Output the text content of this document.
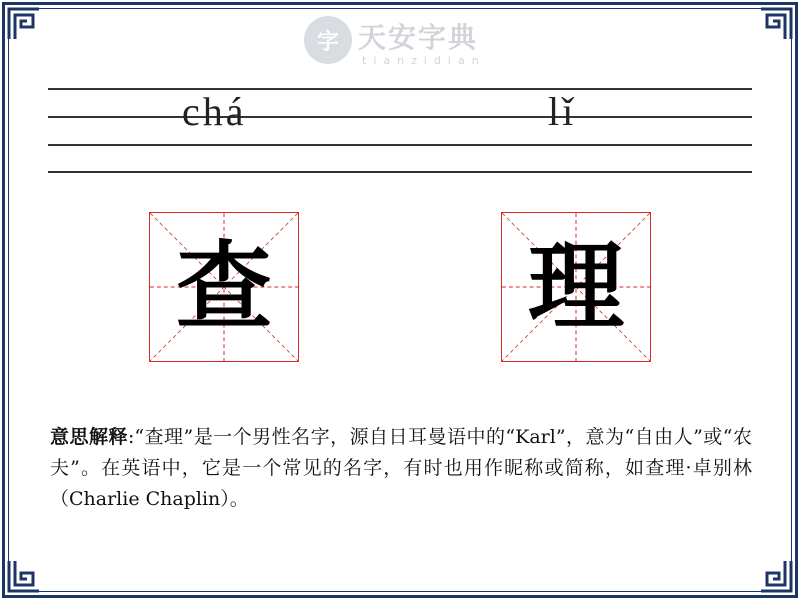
字 天安字典
tianzidian
chá	lǐ
查	理
意思解释:“查理”是一个男性名字，源自日耳曼语中的“Karl”，意为“自由人”或“农夫”。在英语中，它是一个常见的名字，有时也用作昵称或简称，如查理·卓别林（Charlie Chaplin）。
